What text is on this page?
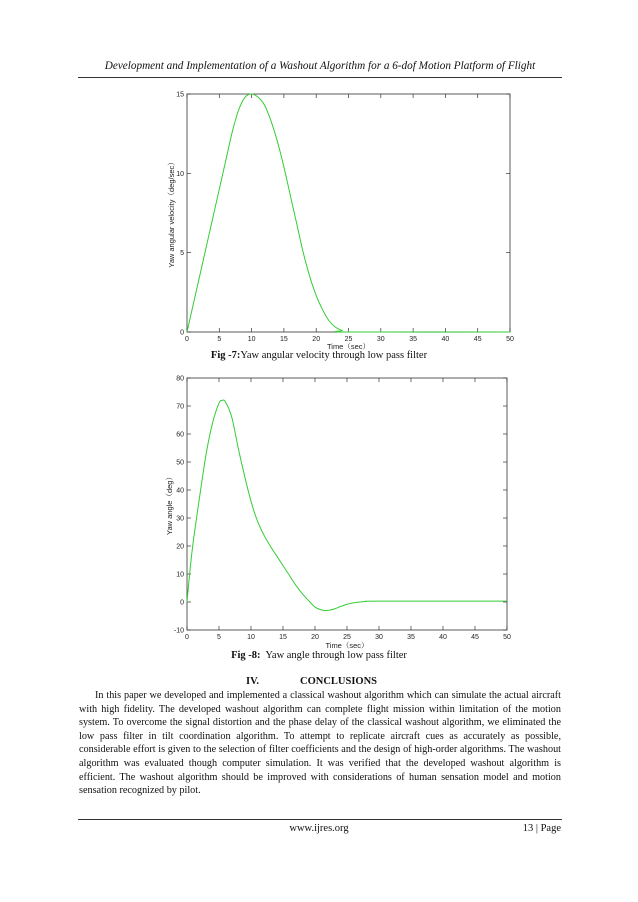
Development and Implementation of a Washout Algorithm for a 6-dof Motion Platform of Flight
0	5	10	15	20	25	30	35	40	45	50
0
5
10
15
Time（sec）
Yaw angular velocity（deg/sec）
Fig -7:Yaw angular velocity through low pass filter
0	5	10	15	20	25	30	35	40	45	50
-10
0
10
20
30
40
50
60
70
80
Time（sec）
Yaw angle（deg）
Fig -8:  Yaw angle through low pass filter
IV.	CONCLUSIONS
In this paper we developed and implemented a classical washout algorithm which can simulate the actual aircraft with high fidelity. The developed washout algorithm can complete flight mission within limitation of the motion system. To overcome the signal distortion and the phase delay of the classical washout algorithm, we eliminated the low pass filter in tilt coordination algorithm. To attempt to replicate aircraft cues as accurately as possible, considerable effort is given to the selection of filter coefficients and the design of high-order algorithms. The washout algorithm was evaluated though computer simulation. It was verified that the developed washout algorithm is efficient. The washout algorithm should be improved with considerations of human sensation model and motion sensation recognized by pilot.
www.ijres.org	13 | Page
